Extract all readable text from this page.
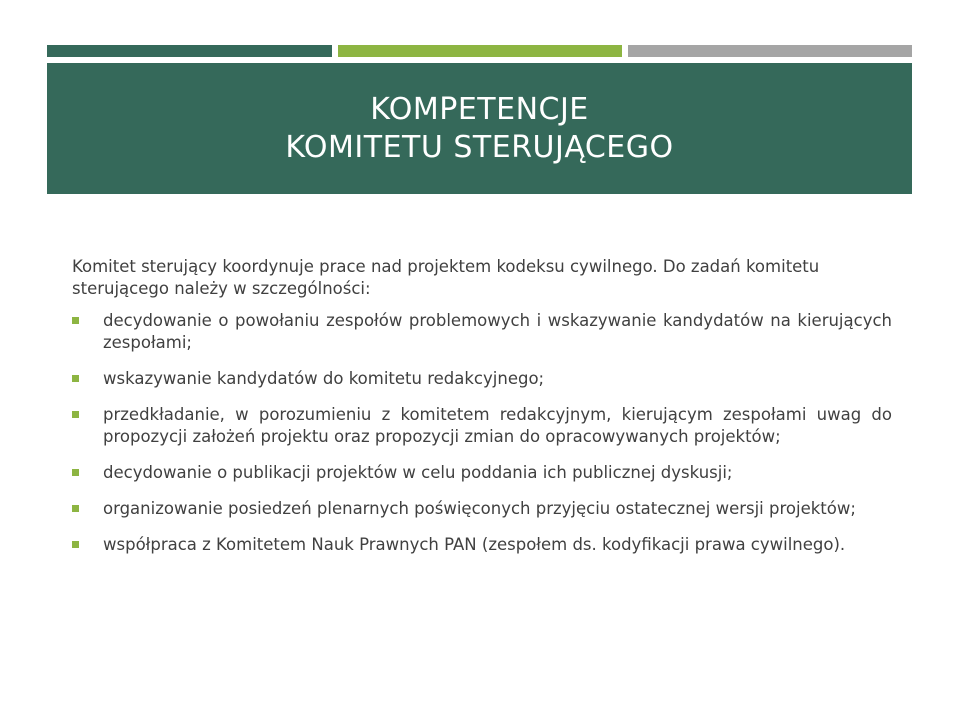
KOMPETENCJE
KOMITETU STERUJĄCEGO

Komitet sterujący koordynuje prace nad projektem kodeksu cywilnego. Do zadań komitetu sterującego należy w szczególności:

decydowanie o powołaniu zespołów problemowych i wskazywanie kandydatów na kierujących zespołami;
wskazywanie kandydatów do komitetu redakcyjnego;
przedkładanie, w porozumieniu z komitetem redakcyjnym, kierującym zespołami uwag do propozycji założeń projektu oraz propozycji zmian do opracowywanych projektów;
decydowanie o publikacji projektów w celu poddania ich publicznej dyskusji;
organizowanie posiedzeń plenarnych poświęconych przyjęciu ostatecznej wersji projektów;
współpraca z Komitetem Nauk Prawnych PAN (zespołem ds. kodyfikacji prawa cywilnego).
